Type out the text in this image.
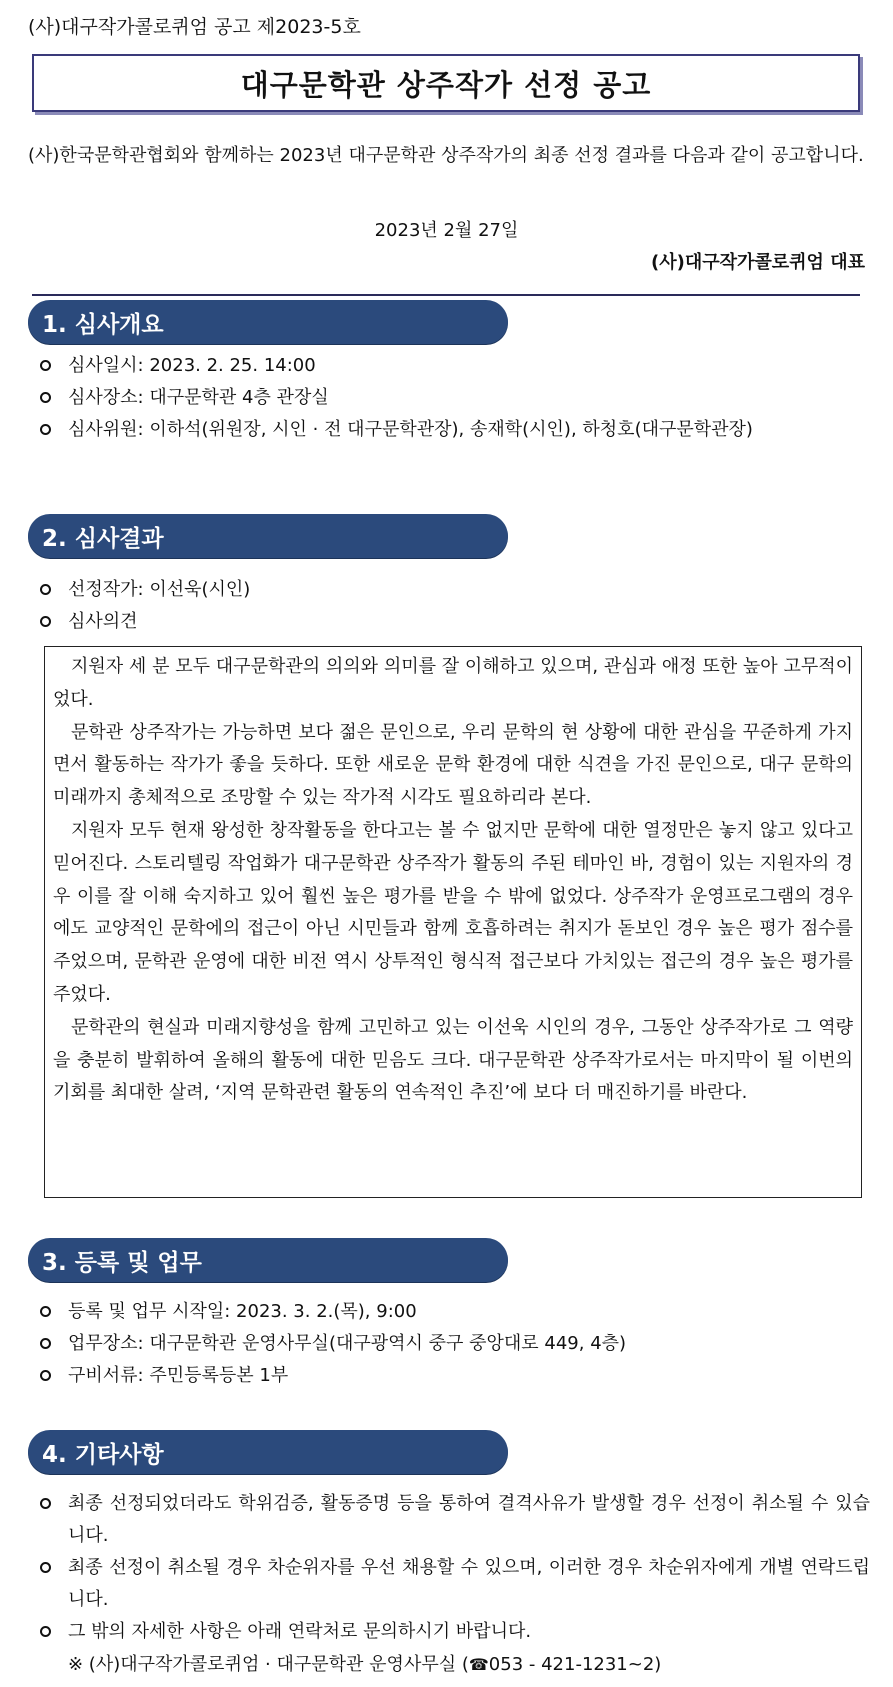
(사)대구작가콜로퀴엄 공고 제2023-5호
대구문학관 상주작가 선정 공고
(사)한국문학관협회와 함께하는 2023년 대구문학관 상주작가의 최종 선정 결과를 다음과 같이 공고합니다.
2023년 2월 27일
(사)대구작가콜로퀴엄 대표
1. 심사개요
심사일시: 2023. 2. 25. 14:00
심사장소: 대구문학관 4층 관장실
심사위원: 이하석(위원장, 시인 · 전 대구문학관장), 송재학(시인), 하청호(대구문학관장)
2. 심사결과
선정작가: 이선욱(시인)
심사의견

지원자 세 분 모두 대구문학관의 의의와 의미를 잘 이해하고 있으며, 관심과 애정 또한 높아 고무적이었다.

문학관 상주작가는 가능하면 보다 젊은 문인으로, 우리 문학의 현 상황에 대한 관심을 꾸준하게 가지면서 활동하는 작가가 좋을 듯하다. 또한 새로운 문학 환경에 대한 식견을 가진 문인으로, 대구 문학의 미래까지 총체적으로 조망할 수 있는 작가적 시각도 필요하리라 본다.

지원자 모두 현재 왕성한 창작활동을 한다고는 볼 수 없지만 문학에 대한 열정만은 놓지 않고 있다고 믿어진다. 스토리텔링 작업화가 대구문학관 상주작가 활동의 주된 테마인 바, 경험이 있는 지원자의 경우 이를 잘 이해 숙지하고 있어 훨씬 높은 평가를 받을 수 밖에 없었다. 상주작가 운영프로그램의 경우에도 교양적인 문학에의 접근이 아닌 시민들과 함께 호흡하려는 취지가 돋보인 경우 높은 평가 점수를 주었으며, 문학관 운영에 대한 비전 역시 상투적인 형식적 접근보다 가치있는 접근의 경우 높은 평가를 주었다.

문학관의 현실과 미래지향성을 함께 고민하고 있는 이선욱 시인의 경우, 그동안 상주작가로 그 역량을 충분히 발휘하여 올해의 활동에 대한 믿음도 크다. 대구문학관 상주작가로서는 마지막이 될 이번의 기회를 최대한 살려, ‘지역 문학관련 활동의 연속적인 추진’에 보다 더 매진하기를 바란다.

3. 등록 및 업무
등록 및 업무 시작일: 2023. 3. 2.(목), 9:00
업무장소: 대구문학관 운영사무실(대구광역시 중구 중앙대로 449, 4층)
구비서류: 주민등록등본 1부
4. 기타사항
최종 선정되었더라도 학위검증, 활동증명 등을 통하여 결격사유가 발생할 경우 선정이 취소될 수 있습니다.
최종 선정이 취소될 경우 차순위자를 우선 채용할 수 있으며, 이러한 경우 차순위자에게 개별 연락드립니다.
그 밖의 자세한 사항은 아래 연락처로 문의하시기 바랍니다.
※ (사)대구작가콜로퀴엄 · 대구문학관 운영사무실 (☎053 - 421-1231~2)
